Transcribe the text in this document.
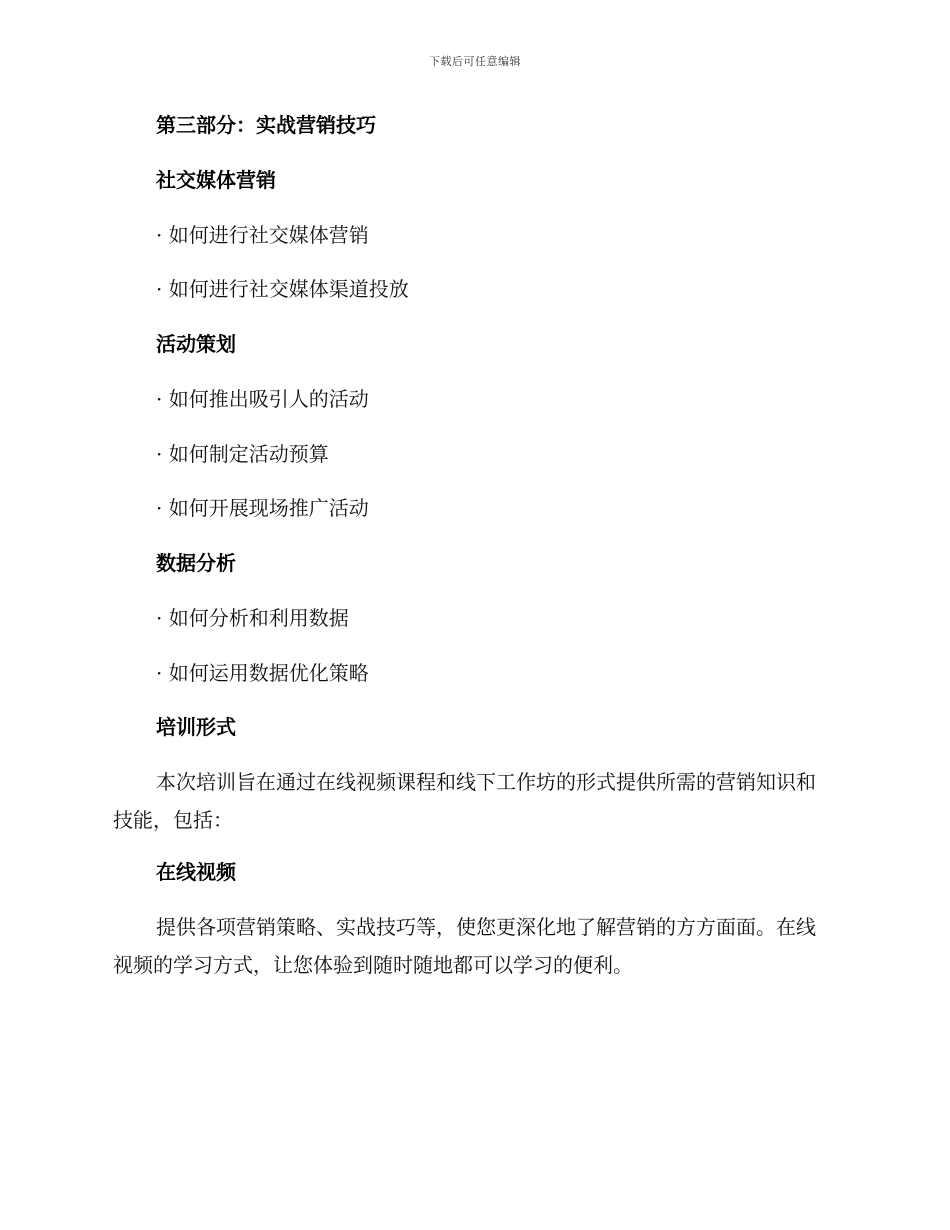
下载后可任意编辑
第三部分：实战营销技巧
社交媒体营销
· 如何进行社交媒体营销
· 如何进行社交媒体渠道投放
活动策划
· 如何推出吸引人的活动
· 如何制定活动预算
· 如何开展现场推广活动
数据分析
· 如何分析和利用数据
· 如何运用数据优化策略
培训形式
本次培训旨在通过在线视频课程和线下工作坊的形式提供所需的营销知识和技能，包括：
在线视频
提供各项营销策略、实战技巧等，使您更深化地了解营销的方方面面。在线视频的学习方式，让您体验到随时随地都可以学习的便利。
